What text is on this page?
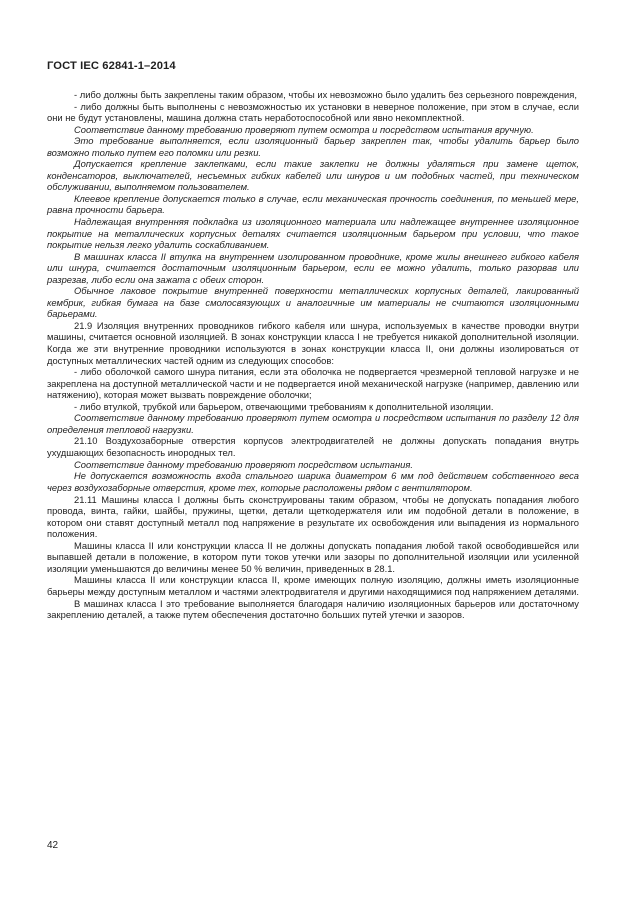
ГОСТ IEC 62841-1–2014

- либо должны быть закреплены таким образом, чтобы их невозможно было удалить без серьезного повреждения,

- либо должны быть выполнены с невозможностью их установки в неверное положение, при этом в случае, если они не будут установлены, машина должна стать неработоспособной или явно некомплектной.

Соответствие данному требованию проверяют путем осмотра и посредством испытания вручную.

Это требование выполняется, если изоляционный барьер закреплен так, чтобы удалить барьер было возможно только путем его поломки или резки.

Допускается крепление заклепками, если такие заклепки не должны удаляться при замене щеток, конденсаторов, выключателей, несъемных гибких кабелей или шнуров и им подобных частей, при техническом обслуживании, выполняемом пользователем.

Клеевое крепление допускается только в случае, если механическая прочность соединения, по меньшей мере, равна прочности барьера.

Надлежащая внутренняя подкладка из изоляционного материала или надлежащее внутреннее изоляционное покрытие на металлических корпусных деталях считается изоляционным барьером при условии, что такое покрытие нельзя легко удалить соскабливанием.

В машинах класса II втулка на внутреннем изолированном проводнике, кроме жилы внешнего гибкого кабеля или шнура, считается достаточным изоляционным барьером, если ее можно удалить, только разорвав или разрезав, либо если она зажата с обеих сторон.

Обычное лаковое покрытие внутренней поверхности металлических корпусных деталей, лакированный кембрик, гибкая бумага на базе смолосвязующих и аналогичные им материалы не считаются изоляционными барьерами.

21.9 Изоляция внутренних проводников гибкого кабеля или шнура, используемых в качестве проводки внутри машины, считается основной изоляцией. В зонах конструкции класса I не требуется никакой дополнительной изоляции. Когда же эти внутренние проводники используются в зонах конструкции класса II, они должны изолироваться от доступных металлических частей одним из следующих способов:

- либо оболочкой самого шнура питания, если эта оболочка не подвергается чрезмерной тепловой нагрузке и не закреплена на доступной металлической части и не подвергается иной механической нагрузке (например, давлению или натяжению), которая может вызвать повреждение оболочки;

- либо втулкой, трубкой или барьером, отвечающими требованиям к дополнительной изоляции.

Соответствие данному требованию проверяют путем осмотра и посредством испытания по разделу 12 для определения тепловой нагрузки.

21.10 Воздухозаборные отверстия корпусов электродвигателей не должны допускать попадания внутрь ухудшающих безопасность инородных тел.

Соответствие данному требованию проверяют посредством испытания.

Не допускается возможность входа стального шарика диаметром 6 мм под действием собственного веса через воздухозаборные отверстия, кроме тех, которые расположены рядом с вентилятором.

21.11 Машины класса I должны быть сконструированы таким образом, чтобы не допускать попадания любого провода, винта, гайки, шайбы, пружины, щетки, детали щеткодержателя или им подобной детали в положение, в котором они ставят доступный металл под напряжение в результате их освобождения или выпадения из нормального положения.

Машины класса II или конструкции класса II не должны допускать попадания любой такой освободившейся или выпавшей детали в положение, в котором пути токов утечки или зазоры по дополнительной изоляции или усиленной изоляции уменьшаются до величины менее 50 % величин, приведенных в 28.1.

Машины класса II или конструкции класса II, кроме имеющих полную изоляцию, должны иметь изоляционные барьеры между доступным металлом и частями электродвигателя и другими находящимися под напряжением деталями.

В машинах класса I это требование выполняется благодаря наличию изоляционных барьеров или достаточному закреплению деталей, а также путем обеспечения достаточно больших путей утечки и зазоров.

42
